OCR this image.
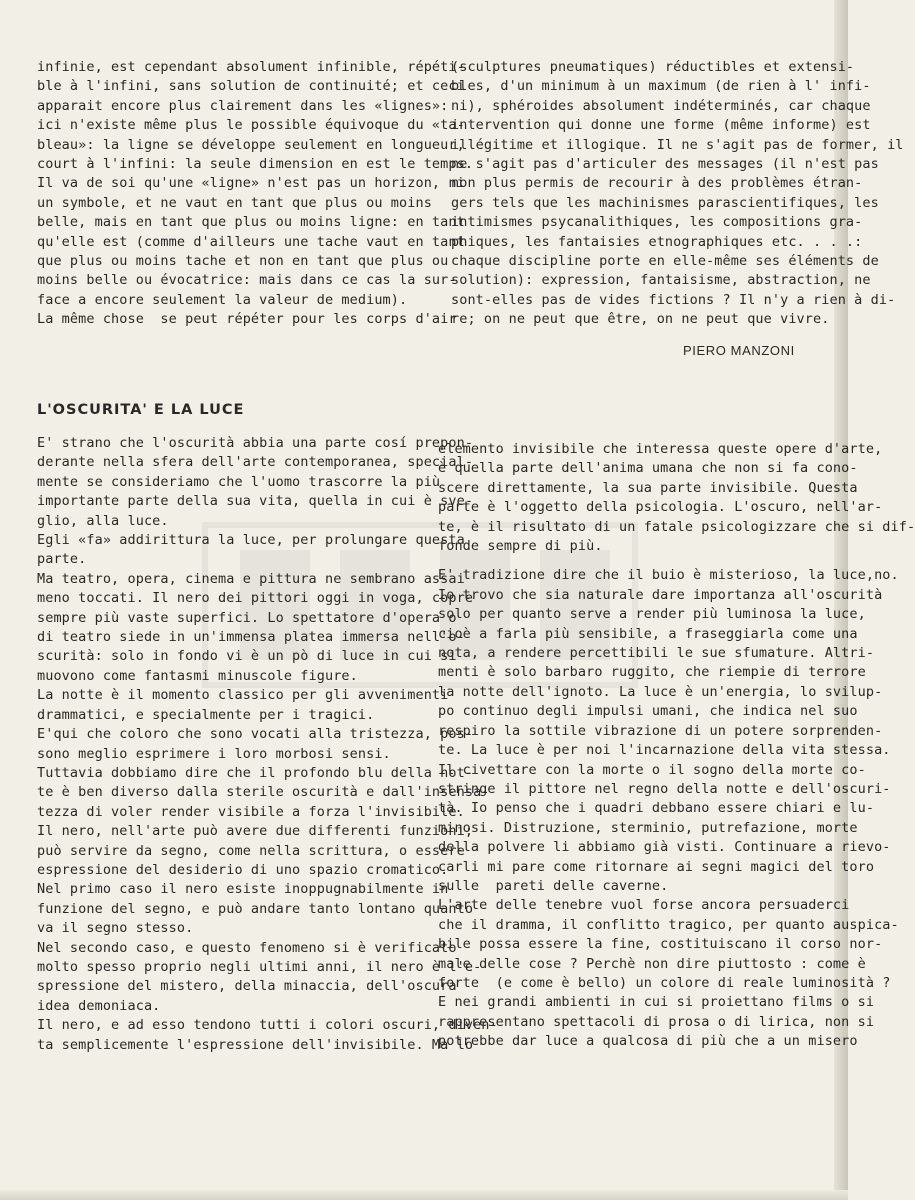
infinie, est cependant absolument infinible, répéti-

ble à l'infini, sans solution de continuité; et ceci

apparait encore plus clairement dans les «lignes»:

ici n'existe même plus le possible équivoque du «ta-

bleau»: la ligne se développe seulement en longueur,

court à l'infini: la seule dimension en est le temps.

Il va de soi qu'une «ligne» n'est pas un horizon, ni

un symbole, et ne vaut en tant que plus ou moins

belle, mais en tant que plus ou moins ligne: en tant

qu'elle est (comme d'ailleurs une tache vaut en tant

que plus ou moins tache et non en tant que plus ou

moins belle ou évocatrice: mais dans ce cas la sur-

face a encore seulement la valeur de medium).

La même chose  se peut répéter pour les corps d'air

(sculptures pneumatiques) réductibles et extensi-

bles, d'un minimum à un maximum (de rien à l' infi-

ni), sphéroides absolument indéterminés, car chaque

intervention qui donne une forme (même informe) est

illégitime et illogique. Il ne s'agit pas de former, il

ne s'agit pas d'articuler des messages (il n'est pas

non plus permis de recourir à des problèmes étran-

gers tels que les machinismes parascientifiques, les

intimismes psycanalithiques, les compositions gra-

phiques, les fantaisies etnographiques etc. . . .:

chaque discipline porte en elle-même ses éléments de

solution): expression, fantaisisme, abstraction, ne

sont-elles pas de vides fictions ? Il n'y a rien à di-

re; on ne peut que être, on ne peut que vivre.

PIERO MANZONI
L'OSCURITA' E LA LUCE

E' strano che l'oscurità abbia una parte cosí prepon-

derante nella sfera dell'arte contemporanea, special-

mente se consideriamo che l'uomo trascorre la più

importante parte della sua vita, quella in cui è sve-

glio, alla luce.

Egli «fa» addirittura la luce, per prolungare questa

parte.

Ma teatro, opera, cinema e pittura ne sembrano assai

meno toccati. Il nero dei pittori oggi in voga, copre

sempre più vaste superfici. Lo spettatore d'opera o

di teatro siede in un'immensa platea immersa nell'o-

scurità: solo in fondo vi è un pò di luce in cui si

muovono come fantasmi minuscole figure.

La notte è il momento classico per gli avvenimenti

drammatici, e specialmente per i tragici.

E'qui che coloro che sono vocati alla tristezza, pos-

sono meglio esprimere i loro morbosi sensi.

Tuttavia dobbiamo dire che il profondo blu della not-

te è ben diverso dalla sterile oscurità e dall'insensa-

tezza di voler render visibile a forza l'invisibile.

Il nero, nell'arte può avere due differenti funzioni;

può servire da segno, come nella scrittura, o essere

espressione del desiderio di uno spazio cromatico.

Nel primo caso il nero esiste inoppugnabilmente in

funzione del segno, e può andare tanto lontano quanto

va il segno stesso.

Nel secondo caso, e questo fenomeno si è verificato

molto spesso proprio negli ultimi anni, il nero è l'e-

spressione del mistero, della minaccia, dell'oscura

idea demoniaca.

Il nero, e ad esso tendono tutti i colori oscuri, diven-

ta semplicemente l'espressione dell'invisibile. Ma lo

elemento invisibile che interessa queste opere d'arte,

è quella parte dell'anima umana che non si fa cono-

scere direttamente, la sua parte invisibile. Questa

parte è l'oggetto della psicologia. L'oscuro, nell'ar-

te, è il risultato di un fatale psicologizzare che si dif-

fonde sempre di più.

E' tradizione dire che il buio è misterioso, la luce,no.

Io trovo che sia naturale dare importanza all'oscurità

solo per quanto serve a render più luminosa la luce,

cioè a farla più sensibile, a fraseggiarla come una

nota, a rendere percettibili le sue sfumature. Altri-

menti è solo barbaro ruggito, che riempie di terrore

la notte dell'ignoto. La luce è un'energia, lo svilup-

po continuo degli impulsi umani, che indica nel suo

respiro la sottile vibrazione di un potere sorprenden-

te. La luce è per noi l'incarnazione della vita stessa.

Il civettare con la morte o il sogno della morte co-

stringe il pittore nel regno della notte e dell'oscuri-

tà. Io penso che i quadri debbano essere chiari e lu-

minosi. Distruzione, sterminio, putrefazione, morte

della polvere li abbiamo già visti. Continuare a rievo-

carli mi pare come ritornare ai segni magici del toro

sulle  pareti delle caverne.

L'arte delle tenebre vuol forse ancora persuaderci

che il dramma, il conflitto tragico, per quanto auspica-

bile possa essere la fine, costituiscano il corso nor-

male delle cose ? Perchè non dire piuttosto : come è

forte  (e come è bello) un colore di reale luminosità ?

E nei grandi ambienti in cui si proiettano films o si

rappresentano spettacoli di prosa o di lirica, non si

potrebbe dar luce a qualcosa di più che a un misero
